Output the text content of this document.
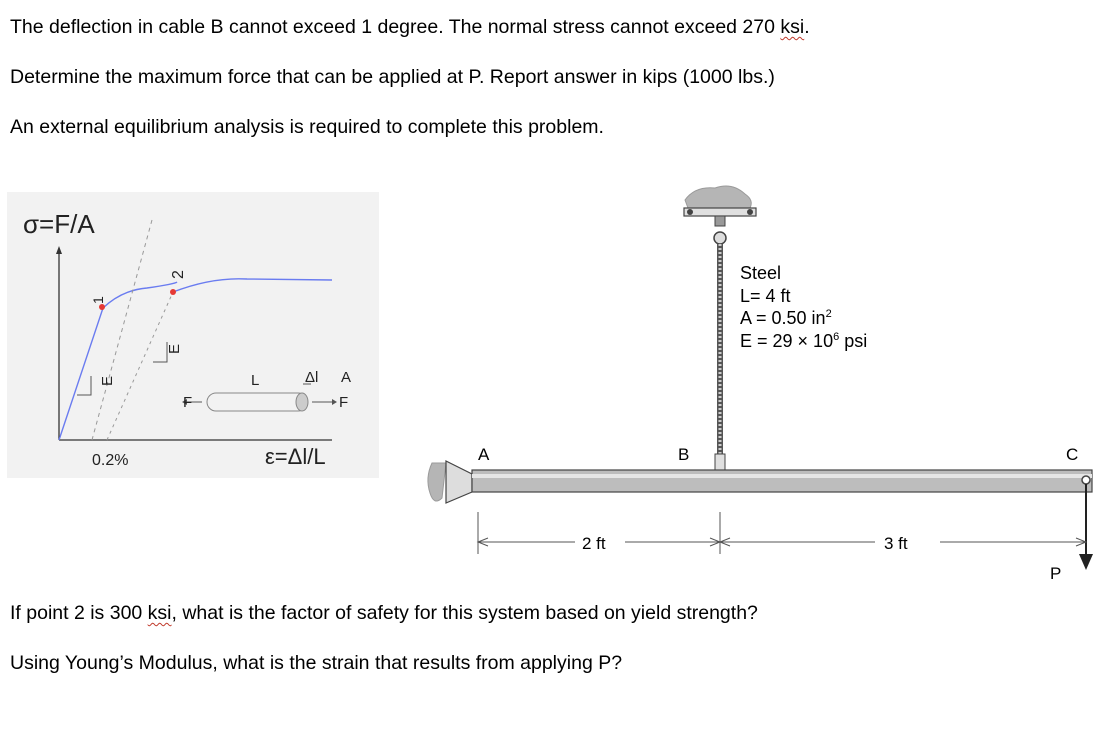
The deflection in cable B cannot exceed 1 degree. The normal stress cannot exceed 270 ksi.
Determine the maximum force that can be applied at P. Report answer in kips (1000 lbs.)
An external equilibrium analysis is required to complete this problem.
σ=F/A
1
2
E
E
0.2%
F	F
L	Δl A
ε=Δl/L	A	B	C
2 ft	3 ft
P
Steel
L= 4 ft
A = 0.50 $in^2$
$E = 29 \times 10^6$ psi
If point 2 is 300 ksi, what is the factor of safety for this system based on yield strength?
Using Young’s Modulus, what is the strain that results from applying P?
